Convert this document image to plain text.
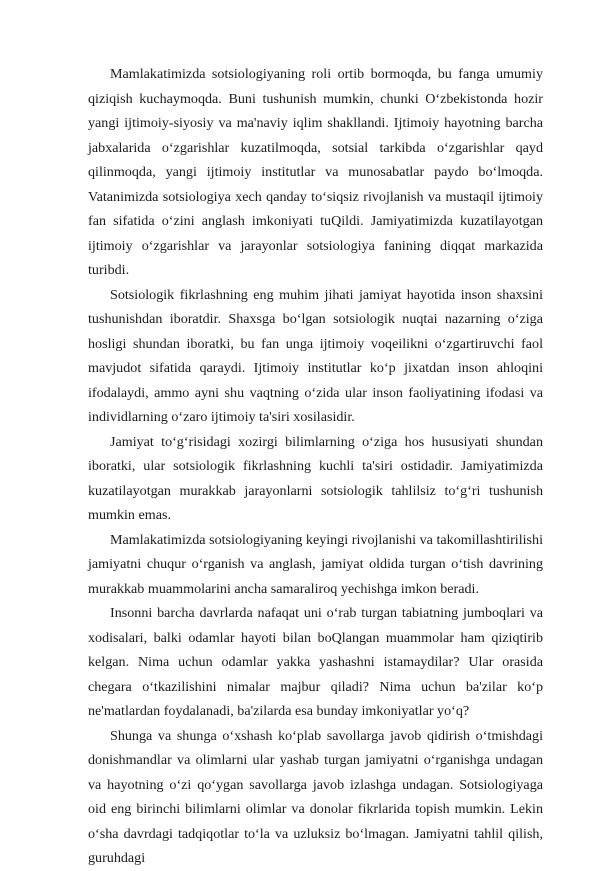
Mamlakatimizda sotsiologiyaning roli ortib bormoqda, bu fanga umumiy qiziqish kuchaymoqda. Buni tushunish mumkin, chunki O‘zbekistonda hozir yangi ijtimoiy-siyosiy va ma'naviy iqlim shakllandi. Ijtimoiy hayotning barcha jabxalarida o‘zgarishlar kuzatilmoqda, sotsial tarkibda o‘zgarishlar qayd qilinmoqda, yangi ijtimoiy institutlar va munosabatlar paydo bo‘lmoqda. Vatanimizda sotsiologiya xech qanday to‘siqsiz rivojlanish va mustaqil ijtimoiy fan sifatida o‘zini anglash imkoniyati tuQildi. Jamiyatimizda kuzatilayotgan ijtimoiy o‘zgarishlar va jarayonlar sotsiologiya fanining diqqat markazida turibdi.

Sotsiologik fikrlashning eng muhim jihati jamiyat hayotida inson shaxsini tushunishdan iboratdir. Shaxsga bo‘lgan sotsiologik nuqtai nazarning o‘ziga hosligi shundan iboratki, bu fan unga ijtimoiy voqeilikni o‘zgartiruvchi faol mavjudot sifatida qaraydi. Ijtimoiy institutlar ko‘p jixatdan inson ahloqini ifodalaydi, ammo ayni shu vaqtning o‘zida ular inson faoliyatining ifodasi va individlarning o‘zaro ijtimoiy ta'siri xosilasidir.

Jamiyat to‘g‘risidagi xozirgi bilimlarning o‘ziga hos hususiyati shundan iboratki, ular sotsiologik fikrlashning kuchli ta'siri ostidadir. Jamiyatimizda kuzatilayotgan murakkab jarayonlarni sotsiologik tahlilsiz to‘g‘ri tushunish mumkin emas.

Mamlakatimizda sotsiologiyaning keyingi rivojlanishi va takomillashtirilishi jamiyatni chuqur o‘rganish va anglash, jamiyat oldida turgan o‘tish davrining murakkab muammolarini ancha samaraliroq yechishga imkon beradi.

Insonni barcha davrlarda nafaqat uni o‘rab turgan tabiatning jumboqlari va xodisalari, balki odamlar hayoti bilan boQlangan muammolar ham qiziqtirib kelgan. Nima uchun odamlar yakka yashashni istamaydilar? Ular orasida chegara o‘tkazilishini nimalar majbur qiladi? Nima uchun ba'zilar ko‘p ne'matlardan foydalanadi, ba'zilarda esa bunday imkoniyatlar yo‘q?

Shunga va shunga o‘xshash ko‘plab savollarga javob qidirish o‘tmishdagi donishmandlar va olimlarni ular yashab turgan jamiyatni o‘rganishga undagan va hayotning o‘zi qo‘ygan savollarga javob izlashga undagan. Sotsiologiyaga oid eng birinchi bilimlarni olimlar va donolar fikrlarida topish mumkin. Lekin o‘sha davrdagi tadqiqotlar to‘la va uzluksiz bo‘lmagan. Jamiyatni tahlil qilish, guruhdagi
